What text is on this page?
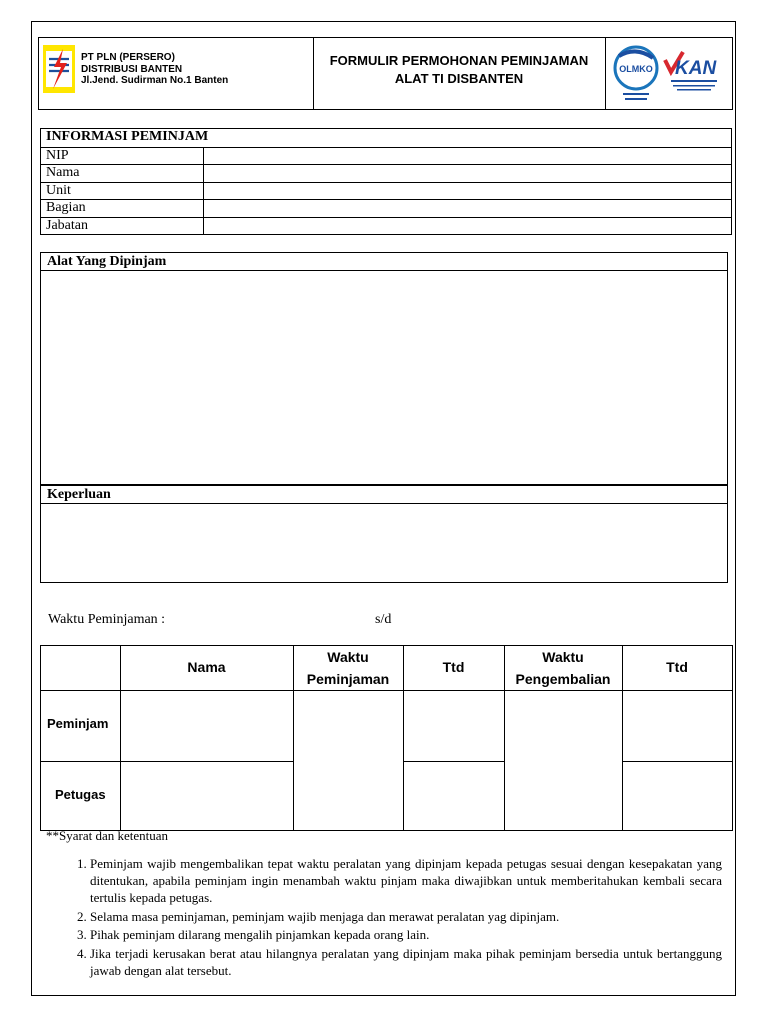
PT PLN (PERSERO)
DISTRIBUSI BANTEN
Jl.Jend. Sudirman No.1 Banten
FORMULIR PERMOHONAN PEMINJAMAN
ALAT TI DISBANTEN
OLMKO KAN
INFORMASI PEMINJAM
NIP
Nama
Unit
Bagian
Jabatan
Alat Yang Dipinjam
Keperluan
Waktu Peminjaman :	s/d
Nama
Waktu Peminjaman
Ttd
Waktu Pengembalian
Ttd
Peminjam
Petugas
**Syarat dan ketentuan
1. Peminjam wajib mengembalikan tepat waktu peralatan yang dipinjam kepada petugas sesuai dengan kesepakatan yang ditentukan, apabila peminjam ingin menambah waktu pinjam maka diwajibkan untuk memberitahukan kembali secara tertulis kepada petugas.
2. Selama masa peminjaman, peminjam wajib menjaga dan merawat peralatan yag dipinjam.
3. Pihak peminjam dilarang mengalih pinjamkan kepada orang lain.
4. Jika terjadi kerusakan berat atau hilangnya peralatan yang dipinjam maka pihak peminjam bersedia untuk bertanggung jawab dengan alat tersebut.
